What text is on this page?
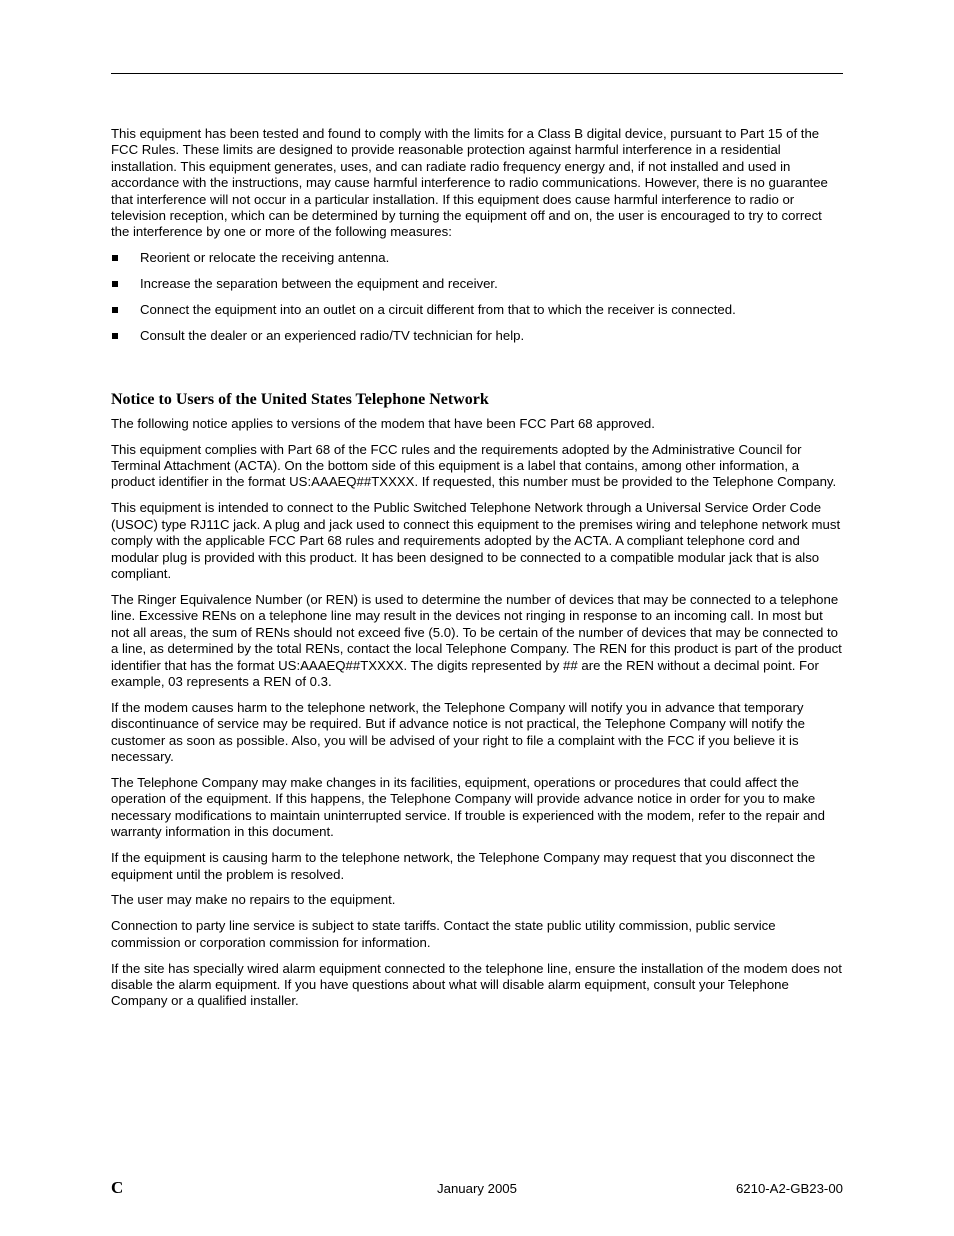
This equipment has been tested and found to comply with the limits for a Class B digital device, pursuant to Part 15 of the FCC Rules. These limits are designed to provide reasonable protection against harmful interference in a residential installation. This equipment generates, uses, and can radiate radio frequency energy and, if not installed and used in accordance with the instructions, may cause harmful interference to radio communications. However, there is no guarantee that interference will not occur in a particular installation. If this equipment does cause harmful interference to radio or television reception, which can be determined by turning the equipment off and on, the user is encouraged to try to correct the interference by one or more of the following measures:

Reorient or relocate the receiving antenna.
Increase the separation between the equipment and receiver.
Connect the equipment into an outlet on a circuit different from that to which the receiver is connected.
Consult the dealer or an experienced radio/TV technician for help.
Notice to Users of the United States Telephone Network

The following notice applies to versions of the modem that have been FCC Part 68 approved.

This equipment complies with Part 68 of the FCC rules and the requirements adopted by the Administrative Council for Terminal Attachment (ACTA). On the bottom side of this equipment is a label that contains, among other information, a product identifier in the format US:AAAEQ##TXXXX. If requested, this number must be provided to the Telephone Company.

This equipment is intended to connect to the Public Switched Telephone Network through a Universal Service Order Code (USOC) type RJ11C jack. A plug and jack used to connect this equipment to the premises wiring and telephone network must comply with the applicable FCC Part 68 rules and requirements adopted by the ACTA. A compliant telephone cord and modular plug is provided with this product. It has been designed to be connected to a compatible modular jack that is also compliant.

The Ringer Equivalence Number (or REN) is used to determine the number of devices that may be connected to a telephone line. Excessive RENs on a telephone line may result in the devices not ringing in response to an incoming call. In most but not all areas, the sum of RENs should not exceed five (5.0). To be certain of the number of devices that may be connected to a line, as determined by the total RENs, contact the local Telephone Company. The REN for this product is part of the product identifier that has the format US:AAAEQ##TXXXX. The digits represented by ## are the REN without a decimal point. For example, 03 represents a REN of 0.3.

If the modem causes harm to the telephone network, the Telephone Company will notify you in advance that temporary discontinuance of service may be required. But if advance notice is not practical, the Telephone Company will notify the customer as soon as possible. Also, you will be advised of your right to file a complaint with the FCC if you believe it is necessary.

The Telephone Company may make changes in its facilities, equipment, operations or procedures that could affect the operation of the equipment. If this happens, the Telephone Company will provide advance notice in order for you to make necessary modifications to maintain uninterrupted service. If trouble is experienced with the modem, refer to the repair and warranty information in this document.

If the equipment is causing harm to the telephone network, the Telephone Company may request that you disconnect the equipment until the problem is resolved.

The user may make no repairs to the equipment.

Connection to party line service is subject to state tariffs. Contact the state public utility commission, public service commission or corporation commission for information.

If the site has specially wired alarm equipment connected to the telephone line, ensure the installation of the modem does not disable the alarm equipment. If you have questions about what will disable alarm equipment, consult your Telephone Company or a qualified installer.

C	January 2005	6210-A2-GB23-00
